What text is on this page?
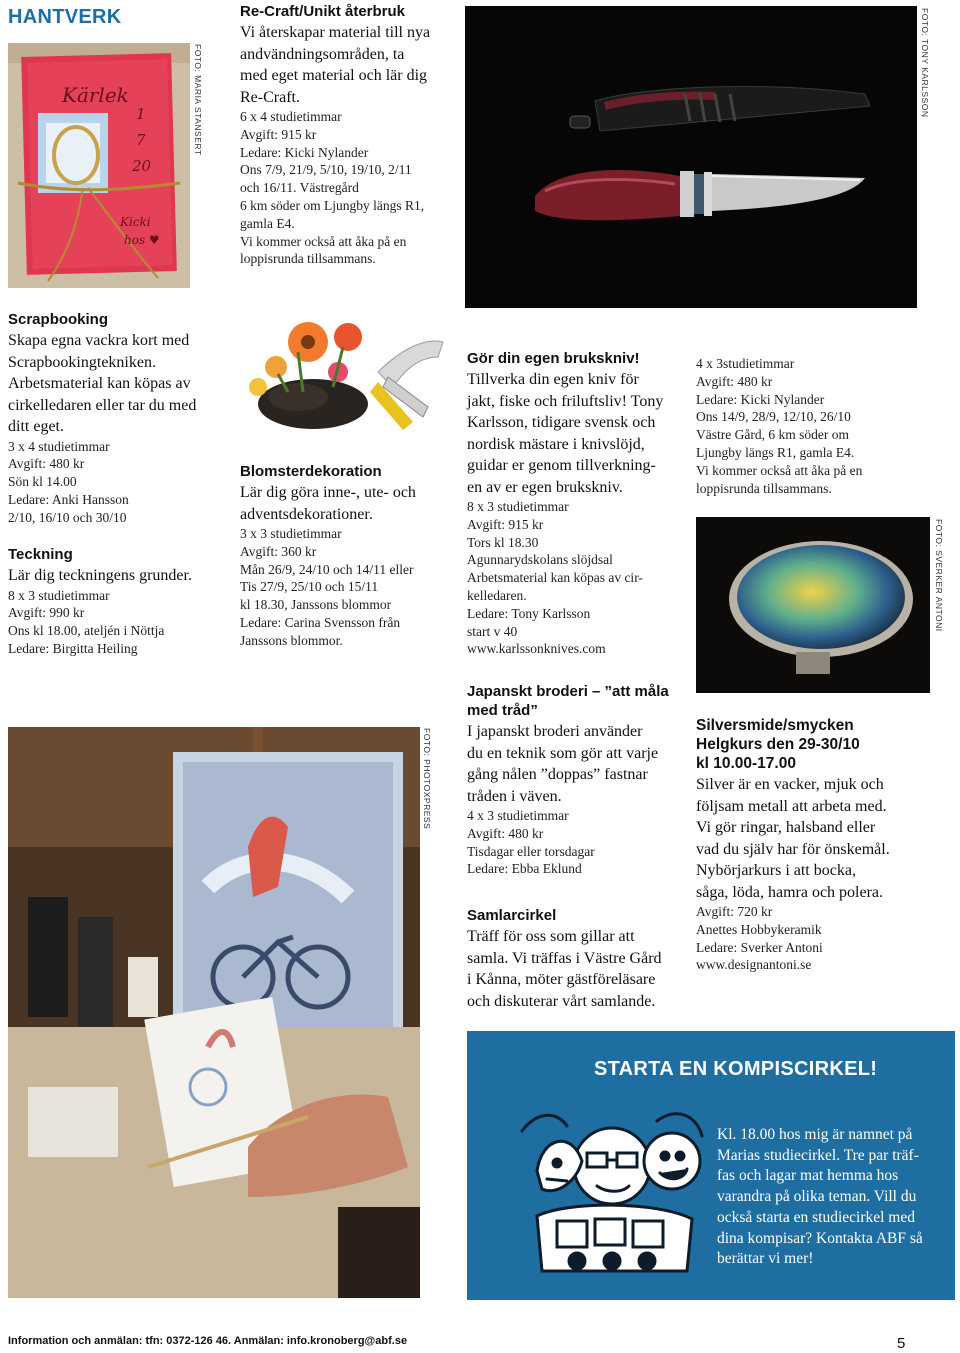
HANTVERK
Kärlek
1
7
20
Kicki
hos ♥
FOTO: MARIA STANSERT
Re-Craft/Unikt återbruk

Vi återskapar material till nya

andvändningsområden, ta

med eget material och lär dig

Re-Craft.

6 x 4 studietimmar

Avgift: 915 kr

Ledare: Kicki Nylander

Ons 7/9, 21/9, 5/10, 19/10, 2/11

och 16/11. Västregård

6 km söder om Ljungby längs R1,

gamla E4.

Vi kommer också att åka på en

loppisrunda tillsammans.

FOTO: TONY KARLSSON
Scrapbooking

Skapa egna vackra kort med

Scrapbookingtekniken.

Arbetsmaterial kan köpas av

cirkelledaren eller tar du med

ditt eget.

3 x 4 studietimmar

Avgift: 480 kr

Sön kl 14.00

Ledare: Anki Hansson

2/10, 16/10 och 30/10

Teckning

Lär dig teckningens grunder.

8 x 3 studietimmar

Avgift: 990 kr

Ons kl 18.00, ateljén i Nöttja

Ledare: Birgitta Heiling

Blomsterdekoration

Lär dig göra inne-, ute- och

adventsdekorationer.

3 x 3 studietimmar

Avgift: 360 kr

Mån 26/9, 24/10 och 14/11 eller

Tis 27/9, 25/10 och 15/11

kl 18.30, Janssons blommor

Ledare: Carina Svensson från

Janssons blommor.

Gör din egen brukskniv!

Tillverka din egen kniv för

jakt, fiske och friluftsliv! Tony

Karlsson, tidigare svensk och

nordisk mästare i knivslöjd,

guidar er genom tillverkning-

en av er egen brukskniv.

8 x 3 studietimmar

Avgift: 915 kr

Tors kl 18.30

Agunnarydskolans slöjdsal

Arbetsmaterial kan köpas av cir-

kelledaren.

Ledare: Tony Karlsson

start v 40

www.karlssonknives.com

4 x 3studietimmar

Avgift: 480 kr

Ledare: Kicki Nylander

Ons 14/9, 28/9, 12/10, 26/10

Västre Gård, 6 km söder om

Ljungby längs R1, gamla E4.

Vi kommer också att åka på en

loppisrunda tillsammans.

FOTO: SVERKER ANTONI
FOTO: PHOTOXPRESS
Japanskt broderi – ”att måla
med tråd”

I japanskt broderi använder

du en teknik som gör att varje

gång nålen ”doppas” fastnar

tråden i väven.

4 x 3 studietimmar

Avgift: 480 kr

Tisdagar eller torsdagar

Ledare: Ebba Eklund

Samlarcirkel

Träff för oss som gillar att

samla. Vi träffas i Västre Gård

i Kånna, möter gästföreläsare

och diskuterar vårt samlande.

Silversmide/smycken
Helgkurs den 29-30/10
kl 10.00-17.00

Silver är en vacker, mjuk och

följsam metall att arbeta med.

Vi gör ringar, halsband eller

vad du själv har för önskemål.

Nybörjarkurs i att bocka,

såga, löda, hamra och polera.

Avgift: 720 kr

Anettes Hobbykeramik

Ledare: Sverker Antoni

www.designantoni.se

STARTA EN KOMPISCIRKEL!
Kl. 18.00 hos mig är namnet på
Marias studiecirkel. Tre par träf-
fas och lagar mat hemma hos
varandra på olika teman. Vill du
också starta en studiecirkel med
dina kompisar? Kontakta ABF så
berättar vi mer!
Information och anmälan: tfn: 0372-126 46. Anmälan: info.kronoberg@abf.se	5
